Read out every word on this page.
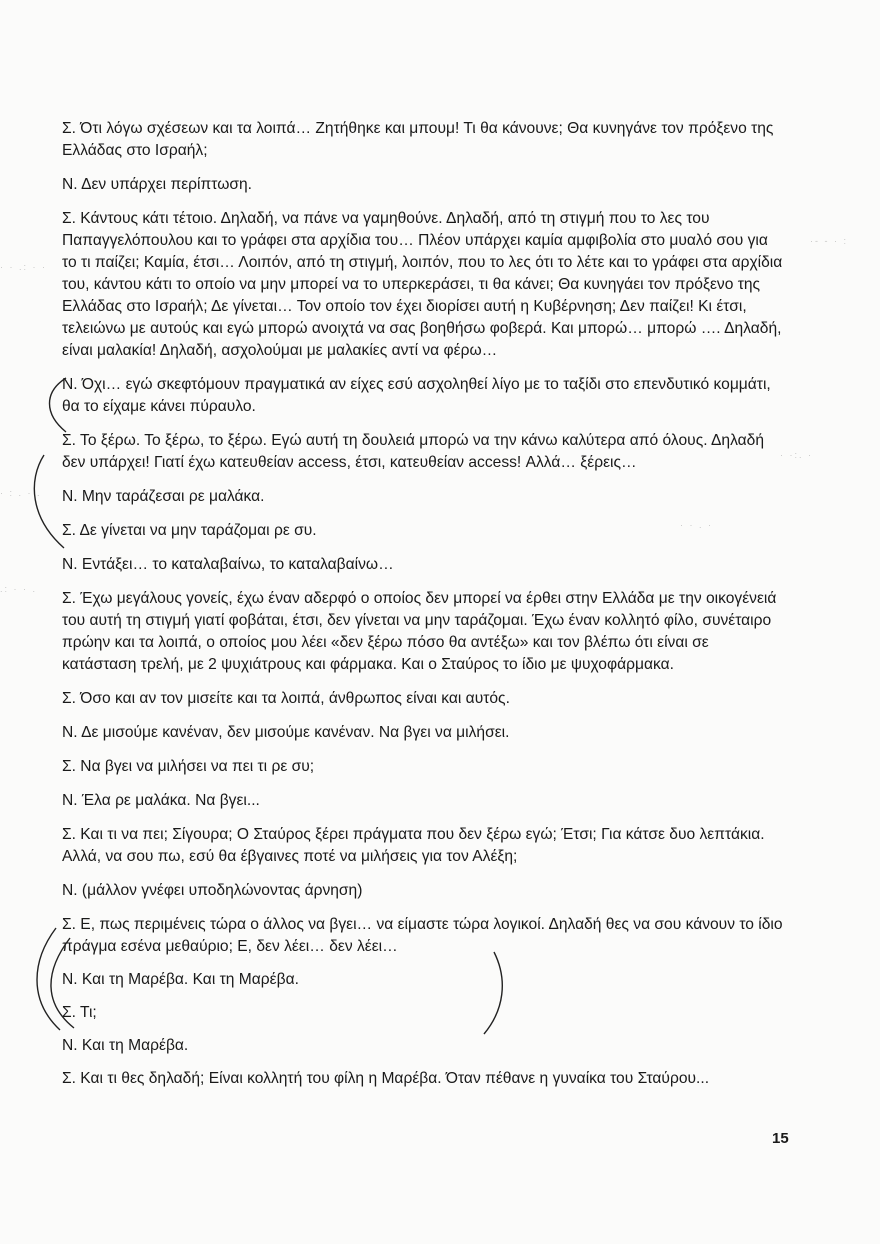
Σ. Ότι λόγω σχέσεων και τα λοιπά… Ζητήθηκε και μπουμ! Τι θα κάνουνε; Θα κυνηγάνε τον πρόξενο της Ελλάδας στο Ισραήλ;

Ν. Δεν υπάρχει περίπτωση.

Σ. Κάντους κάτι τέτοιο. Δηλαδή, να πάνε να γαμηθούνε. Δηλαδή, από τη στιγμή που το λες του Παπαγγελόπουλου και το γράφει στα αρχίδια του… Πλέον υπάρχει καμία αμφιβολία στο μυαλό σου για το τι παίζει; Καμία, έτσι… Λοιπόν, από τη στιγμή, λοιπόν, που το λες ότι το λέτε και το γράφει στα αρχίδια του, κάντου κάτι το οποίο να μην μπορεί να το υπερκεράσει, τι θα κάνει; Θα κυνηγάει τον πρόξενο της Ελλάδας στο Ισραήλ; Δε γίνεται… Τον οποίο τον έχει διορίσει αυτή η Κυβέρνηση; Δεν παίζει! Κι έτσι, τελειώνω με αυτούς και εγώ μπορώ ανοιχτά να σας βοηθήσω φοβερά. Και μπορώ… μπορώ …. Δηλαδή, είναι μαλακία! Δηλαδή, ασχολούμαι με μαλακίες αντί να φέρω…

Ν. Όχι… εγώ σκεφτόμουν πραγματικά αν είχες εσύ ασχοληθεί λίγο με το ταξίδι στο επενδυτικό κομμάτι, θα το είχαμε κάνει πύραυλο.

Σ. Το ξέρω. Το ξέρω, το ξέρω. Εγώ αυτή τη δουλειά μπορώ να την κάνω καλύτερα από όλους. Δηλαδή δεν υπάρχει! Γιατί έχω κατευθείαν access, έτσι, κατευθείαν access! Αλλά… ξέρεις…

Ν. Μην ταράζεσαι ρε μαλάκα.

Σ. Δε γίνεται να μην ταράζομαι ρε συ.

Ν. Εντάξει… το καταλαβαίνω, το καταλαβαίνω…

Σ. Έχω μεγάλους γονείς, έχω έναν αδερφό ο οποίος δεν μπορεί να έρθει στην Ελλάδα με την οικογένειά του αυτή τη στιγμή γιατί φοβάται, έτσι, δεν γίνεται να μην ταράζομαι. Έχω έναν κολλητό φίλο, συνέταιρο πρώην και τα λοιπά, ο οποίος μου λέει «δεν ξέρω πόσο θα αντέξω» και τον βλέπω ότι είναι σε κατάσταση τρελή, με 2 ψυχιάτρους και φάρμακα. Και ο Σταύρος το ίδιο με ψυχοφάρμακα.

Σ. Όσο και αν τον μισείτε και τα λοιπά, άνθρωπος είναι και αυτός.

Ν. Δε μισούμε κανέναν, δεν μισούμε κανέναν. Να βγει να μιλήσει.

Σ. Να βγει να μιλήσει να πει τι ρε συ;

Ν. Έλα ρε μαλάκα. Να βγει...

Σ. Και τι να πει; Σίγουρα; Ο Σταύρος ξέρει πράγματα που δεν ξέρω εγώ; Έτσι; Για κάτσε δυο λεπτάκια. Αλλά, να σου πω, εσύ θα έβγαινες ποτέ να μιλήσεις για τον Αλέξη;

Ν. (μάλλον γνέφει υποδηλώνοντας άρνηση)

Σ. Ε, πως περιμένεις τώρα ο άλλος να βγει… να είμαστε τώρα λογικοί. Δηλαδή θες να σου κάνουν το ίδιο πράγμα εσένα μεθαύριο; Ε, δεν λέει… δεν λέει…

Ν. Και τη Μαρέβα. Και τη Μαρέβα.

Σ. Τι;

Ν. Και τη Μαρέβα.

Σ. Και τι θες δηλαδή; Είναι κολλητή του φίλη η Μαρέβα. Όταν πέθανε η γυναίκα του Σταύρου...

· · .: · ·
·- - · :
· : . · .
.: · · .
· ·:. ·
· · . ·
15
